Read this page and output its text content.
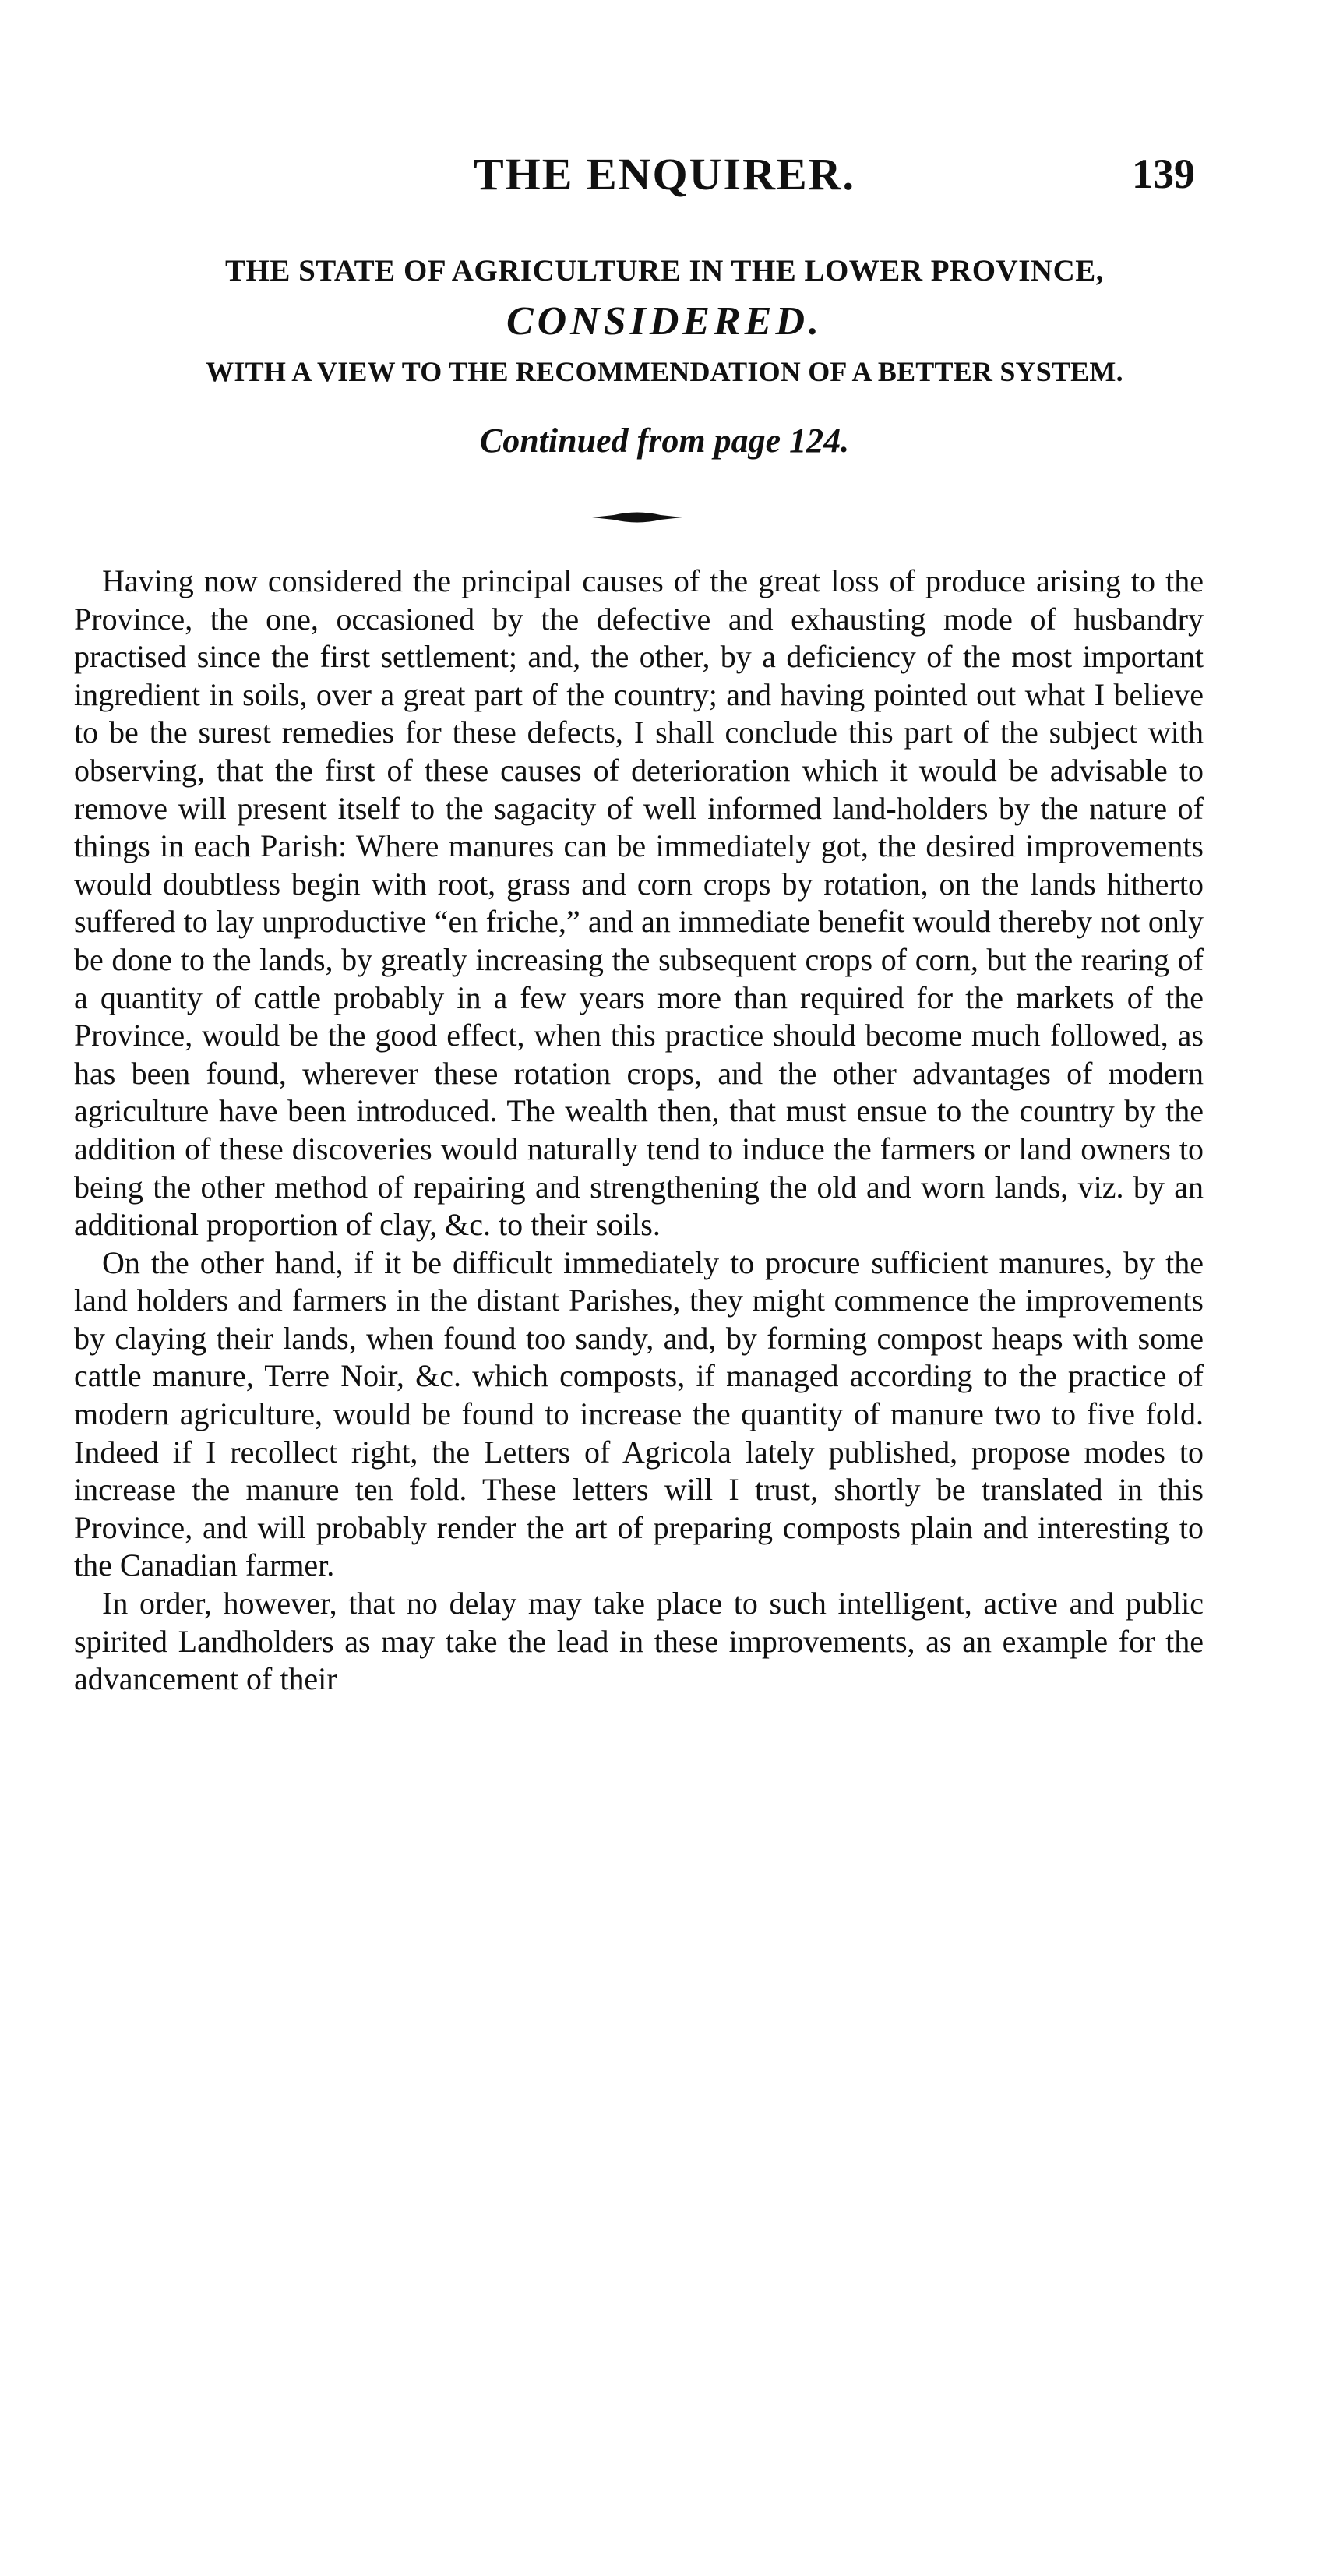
THE ENQUIRER.	139
THE STATE OF AGRICULTURE IN THE LOWER PROVINCE,
CONSIDERED.
WITH A VIEW TO THE RECOMMENDATION OF A BETTER SYSTEM.
Continued from page 124.

Having now considered the principal causes of the great loss of produce arising to the Province, the one, occasioned by the defective and exhausting mode of husbandry practised since the first settlement; and, the other, by a deficiency of the most important ingredient in soils, over a great part of the country; and having pointed out what I believe to be the surest remedies for these defects, I shall conclude this part of the subject with observing, that the first of these causes of deterioration which it would be advisable to remove will present itself to the sagacity of well informed land-holders by the nature of things in each Parish: Where manures can be immediately got, the desired improvements would doubtless begin with root, grass and corn crops by rotation, on the lands hitherto suffered to lay unproductive “en friche,” and an immediate benefit would thereby not only be done to the lands, by greatly increasing the subsequent crops of corn, but the rearing of a quantity of cattle probably in a few years more than required for the markets of the Province, would be the good effect, when this practice should become much followed, as has been found, wherever these rotation crops, and the other advantages of modern agriculture have been introduced. The wealth then, that must ensue to the country by the addition of these discoveries would naturally tend to induce the farmers or land owners to being the other method of repairing and strengthening the old and worn lands, viz. by an additional proportion of clay, &c. to their soils.

On the other hand, if it be difficult immediately to procure sufficient manures, by the land holders and farmers in the distant Parishes, they might commence the improvements by claying their lands, when found too sandy, and, by forming compost heaps with some cattle manure, Terre Noir, &c. which composts, if managed according to the practice of modern agriculture, would be found to increase the quantity of manure two to five fold. Indeed if I recollect right, the Letters of Agricola lately published, propose modes to increase the manure ten fold. These letters will I trust, shortly be translated in this Province, and will probably render the art of preparing composts plain and interesting to the Canadian farmer.

In order, however, that no delay may take place to such intelligent, active and public spirited Landholders as may take the lead in these improvements, as an example for the advancement of their
